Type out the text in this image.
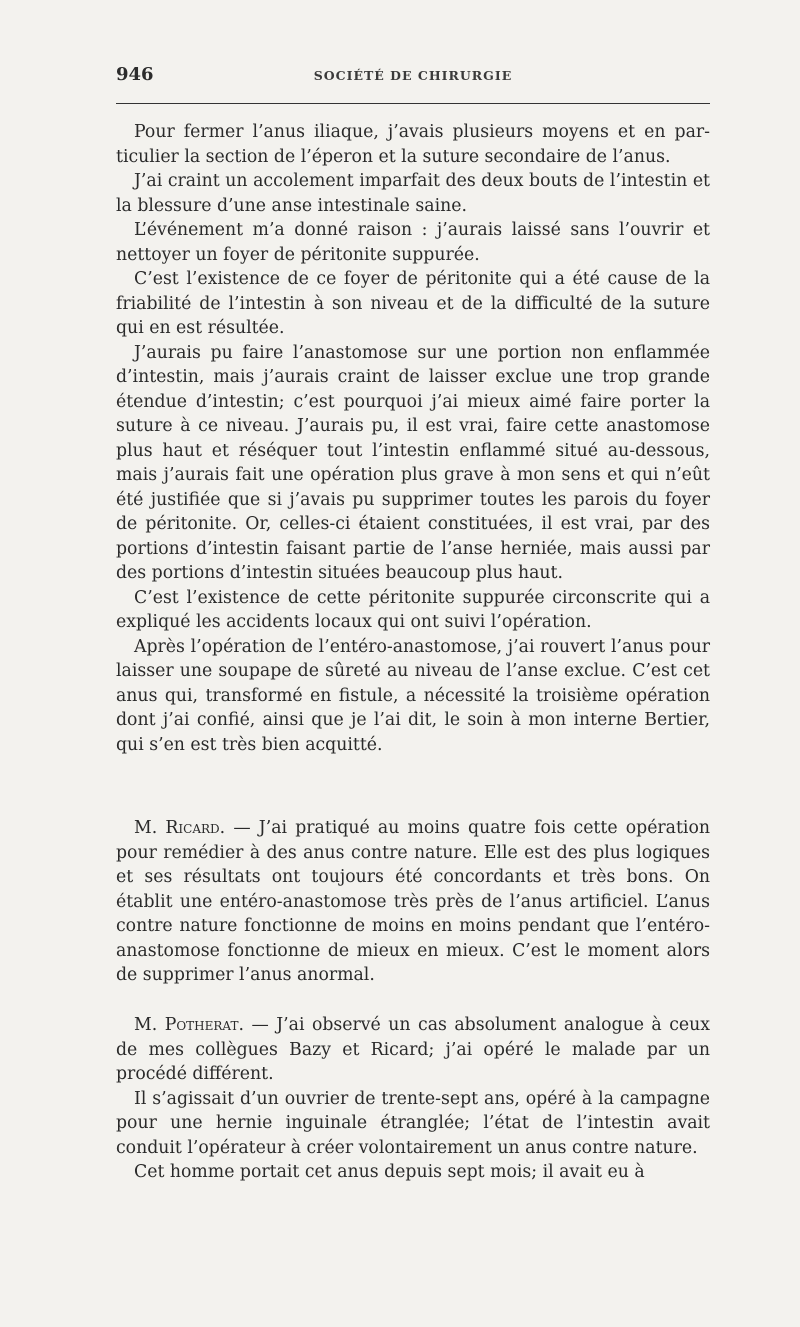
946	SOCIÉTÉ DE CHIRURGIE

Pour fermer l’anus iliaque, j’avais plusieurs moyens et en particulier la section de l’éperon et la suture secondaire de l’anus.

J’ai craint un accolement imparfait des deux bouts de l’intestin et la blessure d’une anse intestinale saine.

L’événement m’a donné raison : j’aurais laissé sans l’ouvrir et nettoyer un foyer de péritonite suppurée.

C’est l’existence de ce foyer de péritonite qui a été cause de la friabilité de l’intestin à son niveau et de la difficulté de la suture qui en est résultée.

J’aurais pu faire l’anastomose sur une portion non enflammée d’intestin, mais j’aurais craint de laisser exclue une trop grande étendue d’intestin; c’est pourquoi j’ai mieux aimé faire porter la suture à ce niveau. J’aurais pu, il est vrai, faire cette anastomose plus haut et réséquer tout l’intestin enflammé situé au-dessous, mais j’aurais fait une opération plus grave à mon sens et qui n’eût été justifiée que si j’avais pu supprimer toutes les parois du foyer de péritonite. Or, celles-ci étaient constituées, il est vrai, par des portions d’intestin faisant partie de l’anse herniée, mais aussi par des portions d’intestin situées beaucoup plus haut.

C’est l’existence de cette péritonite suppurée circonscrite qui a expliqué les accidents locaux qui ont suivi l’opération.

Après l’opération de l’entéro-anastomose, j’ai rouvert l’anus pour laisser une soupape de sûreté au niveau de l’anse exclue. C’est cet anus qui, transformé en fistule, a nécessité la troisième opération dont j’ai confié, ainsi que je l’ai dit, le soin à mon interne Bertier, qui s’en est très bien acquitté.

M. Ricard. — J’ai pratiqué au moins quatre fois cette opération pour remédier à des anus contre nature. Elle est des plus logiques et ses résultats ont toujours été concordants et très bons. On établit une entéro-anastomose très près de l’anus artificiel. L’anus contre nature fonctionne de moins en moins pendant que l’entéro-anastomose fonctionne de mieux en mieux. C’est le moment alors de supprimer l’anus anormal.

M. Potherat. — J’ai observé un cas absolument analogue à ceux de mes collègues Bazy et Ricard; j’ai opéré le malade par un procédé différent.

Il s’agissait d’un ouvrier de trente-sept ans, opéré à la campagne pour une hernie inguinale étranglée; l’état de l’intestin avait conduit l’opérateur à créer volontairement un anus contre nature.

Cet homme portait cet anus depuis sept mois; il avait eu à
